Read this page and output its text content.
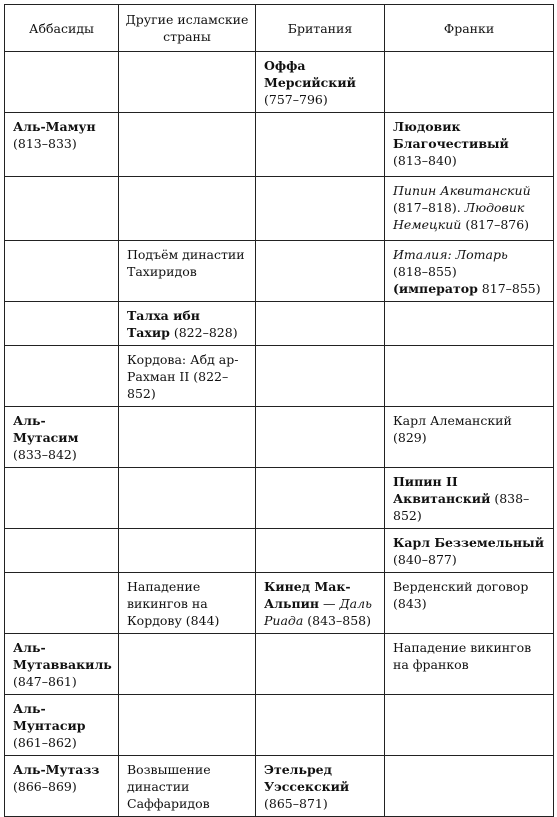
Аббасиды	Другие исламские страны	Британия	Франки
		Оффа Мерсийский (757–796)	
Аль-Мамун (813–833)			Людовик Благочестивый (813–840)
			Пипин Аквитанский (817–818). Людовик Немецкий (817–876)
	Подъём династии Тахиридов		Италия: Лотарь (818–855) (император 817–855)
	Талха ибн Тахир (822–828)		
	Кордова: Абд ар-Рахман II (822–852)		
Аль-Мутасим (833–842)			Карл Алеманский (829)
			Пипин II Аквитанский (838–852)
			Карл Безземельный (840–877)
	Нападение викингов на Кордову (844)	Кинед Мак-Альпин — Даль Риада (843–858)	Верденский договор (843)
Аль-Мутаввакиль (847–861)			Нападение викингов на франков
Аль-Мунтасир (861–862)			
Аль-Мутазз (866–869)	Возвышение династии Саффаридов	Этельред Уэссекский (865–871)	
